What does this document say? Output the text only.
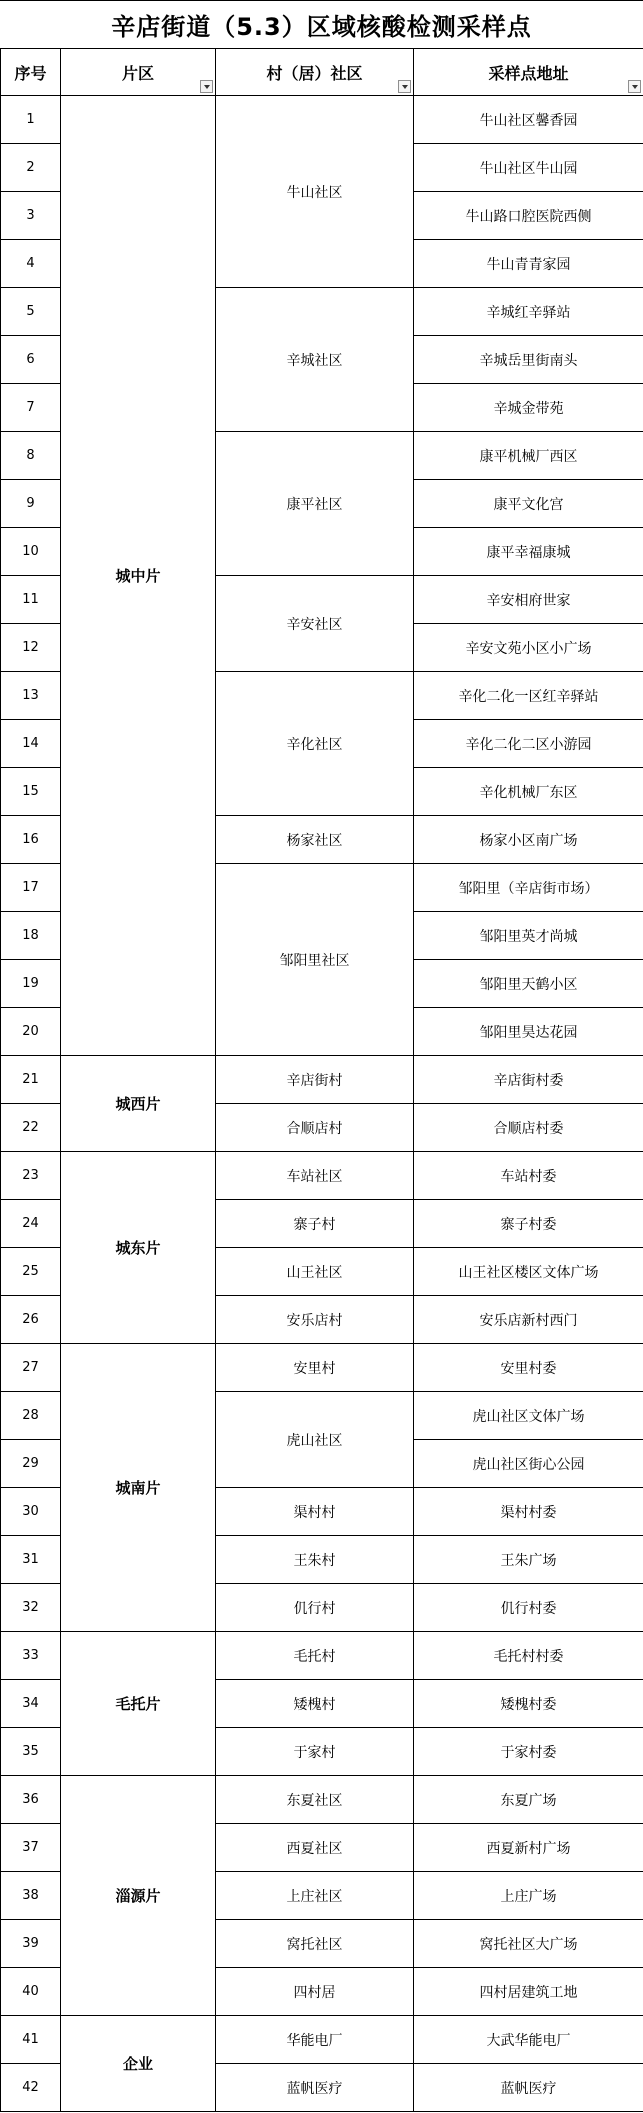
辛店街道（5.3）区域核酸检测采样点
序号	片区	村（居）社区	采样点地址

1	城中片	牛山社区	牛山社区馨香园
2			牛山社区牛山园
3			牛山路口腔医院西侧
4			牛山青青家园
5		辛城社区	辛城红辛驿站
6			辛城岳里街南头
7			辛城金带苑
8		康平社区	康平机械厂西区
9			康平文化宫
10			康平幸福康城
11		辛安社区	辛安相府世家
12			辛安文苑小区小广场
13		辛化社区	辛化二化一区红辛驿站
14			辛化二化二区小游园
15			辛化机械厂东区
16		杨家社区	杨家小区南广场
17		邹阳里社区	邹阳里（辛店街市场）
18			邹阳里英才尚城
19			邹阳里天鹤小区
20			邹阳里昊达花园
21	城西片	辛店街村	辛店街村委
22		合顺店村	合顺店村委
23	城东片	车站社区	车站村委
24		寨子村	寨子村委
25		山王社区	山王社区楼区文体广场
26		安乐店村	安乐店新村西门
27	城南片	安里村	安里村委
28		虎山社区	虎山社区文体广场
29			虎山社区街心公园
30		渠村村	渠村村委
31		王朱村	王朱广场
32		仉行村	仉行村委
33	毛托片	毛托村	毛托村村委
34		矮槐村	矮槐村委
35		于家村	于家村委
36	淄源片	东夏社区	东夏广场
37		西夏社区	西夏新村广场
38		上庄社区	上庄广场
39		窝托社区	窝托社区大广场
40		四村居	四村居建筑工地
41	企业	华能电厂	大武华能电厂
42		蓝帆医疗	蓝帆医疗
